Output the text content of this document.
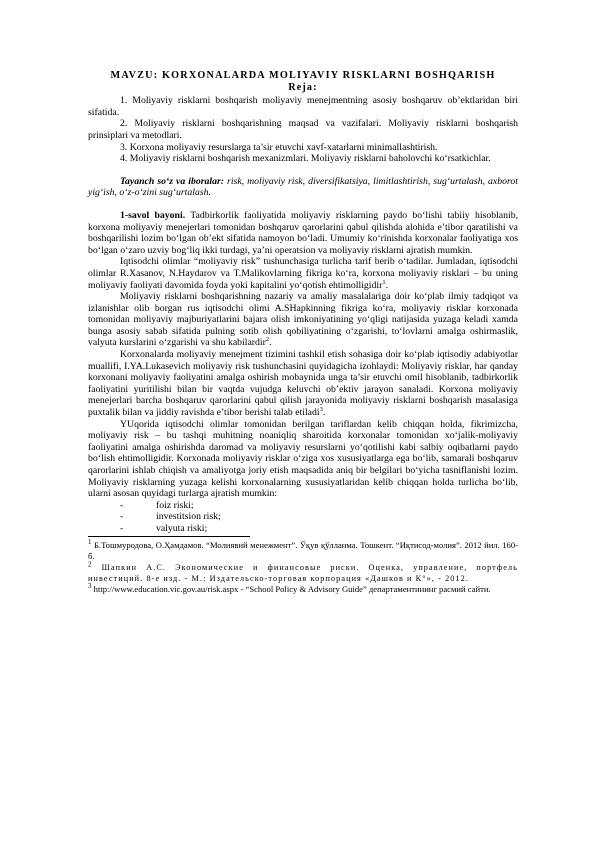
MAVZU: KORXONALARDA MOLIYAVIY RISKLARNI BOSHQARISH

Reja:

1. Moliyaviy risklarni boshqarish moliyaviy menejmentning asosiy boshqaruv ob’ektlaridan biri sifatida.

2. Moliyaviy risklarni boshqarishning maqsad va vazifalari. Moliyaviy risklarni boshqarish prinsiplari va metodlari.

3. Korxona moliyaviy resurslarga ta’sir etuvchi xavf-xatarlarni minimallashtirish.

4. Moliyaviy risklarni boshqarish mexanizmlari. Moliyaviy risklarni baholovchi ko‘rsatkichlar.

Tayanch so‘z va iboralar: risk, moliyaviy risk, diversifikatsiya, limitlashtirish, sug‘urtalash, axborot yig‘ish, o‘z-o‘zini sug‘urtalash.

1-savol bayoni. Tadbirkorlik faoliyatida moliyaviy risklarning paydo bo‘lishi tabiiy hisoblanib, korxona moliyaviy menejerlari tomonidan boshqaruv qarorlarini qabul qilishda alohida e’tibor qaratilishi va boshqarilishi lozim bo‘lgan ob’ekt sifatida namoyon bo‘ladi. Umumiy ko‘rinishda korxonalar faoliyatiga xos bo‘lgan o‘zaro uzviy bog‘liq ikki turdagi, ya’ni operatsion va moliyaviy risklarni ajratish mumkin.

Iqtisodchi olimlar “moliyaviy risk” tushunchasiga turlicha tarif berib o‘tadilar. Jumladan, iqtisodchi olimlar R.Xasanov, N.Haydarov va T.Malikovlarning fikriga ko‘ra, korxona moliyaviy risklari – bu uning moliyaviy faoliyati davomida foyda yoki kapitalini yo‘qotish ehtimolligidir$^1$.

Moliyaviy risklarni boshqarishning nazariy va amaliy masalalariga doir ko‘plab ilmiy tadqiqot va izlanishlar olib borgan rus iqtisodchi olimi A.SHapkinning fikriga ko‘ra, moliyaviy risklar korxonada tomonidan moliyaviy majburiyatlarini bajara olish imkoniyatining yo‘qligi natijasida yuzaga keladi xamda bunga asosiy sabab sifatida pulning sotib olish qobiliyatining o‘zgarishi, to‘lovlarni amalga oshirmaslik, valyuta kurslarini o‘zgarishi va shu kabilardir$^2$.

Korxonalarda moliyaviy menejment tizimini tashkil etish sohasiga doir ko‘plab iqtisodiy adabiyotlar muallifi, I.YA.Lukasevich moliyaviy risk tushunchasini quyidagicha izohlaydi: Moliyaviy risklar, har qanday korxonani moliyaviy faoliyatini amalga oshirish mobaynida unga ta’sir etuvchi omil hisoblanib, tadbirkorlik faoliyatini yuritilishi bilan bir vaqtda vujudga keluvchi ob’ektiv jarayon sanaladi. Korxona moliyaviy menejerlari barcha boshqaruv qarorlarini qabul qilish jarayonida moliyaviy risklarni boshqarish masalasiga puxtalik bilan va jiddiy ravishda e’tibor berishi talab etiladi$^3$.

YUqorida iqtisodchi olimlar tomonidan berilgan tariflardan kelib chiqqan holda, fikrimizcha, moliyaviy risk – bu tashqi muhitning noaniqliq sharoitida korxonalar tomonidan xo‘jalik-moliyaviy faoliyatini amalga oshirishda daromad va moliyaviy resurslarni yo‘qotilishi kabi salbiy oqibatlarni paydo bo‘lish ehtimolligidir. Korxonada moliyaviy risklar o‘ziga xos xususiyatlarga ega bo‘lib, samarali boshqaruv qarorlarini ishlab chiqish va amaliyotga joriy etish maqsadida aniq bir belgilari bo‘yicha tasniflanishi lozim. Moliyaviy risklarning yuzaga kelishi korxonalarning xususiyatlaridan kelib chiqqan holda turlicha bo‘lib, ularni asosan quyidagi turlarga ajratish mumkin:

-	foiz riski;
-	investitsion risk;
-	valyuta riski;

$^1$ Б.Тошмуродова, О.Ҳамдамов. “Молиявий менежмент”. Ўқув қўлланма. Тошкент. “Иқтисод-молия”. 2012 йил. 160-б.

$^2$ Шапкин А.С. Экономические и финансовые риски. Оценка, управление, портфель инвестиций. 8-е изд. - М.: Издательско-торговая корпорация «Дашков и К°», - 2012.

$^3$ http://www.education.vic.gov.au/risk.aspx - “School Policy & Advisory Guide” департаментининг расмий сайти.
